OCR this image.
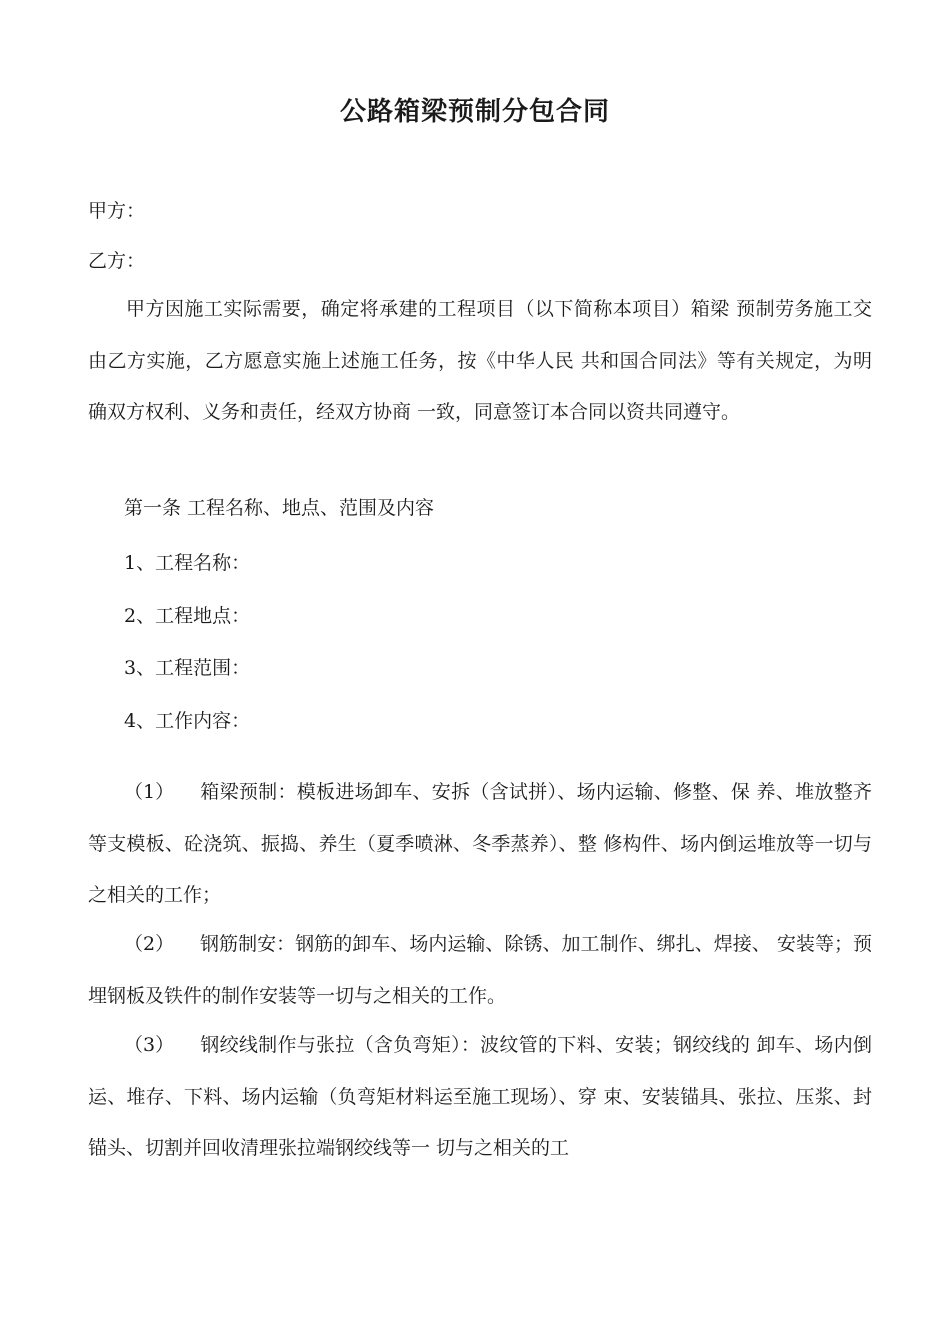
公路箱梁预制分包合同
甲方：
乙方：
甲方因施工实际需要，确定将承建的工程项目（以下简称本项目）箱梁 预制劳务施工交由乙方实施，乙方愿意实施上述施工任务，按《中华人民 共和国合同法》等有关规定，为明确双方权利、义务和责任，经双方协商 一致，同意签订本合同以资共同遵守。
第一条 工程名称、地点、范围及内容
1、工程名称：
2、工程地点：
3、工程范围：
4、工作内容：
（1） 箱梁预制：模板进场卸车、安拆（含试拼）、场内运输、修整、保 养、堆放整齐等支模板、砼浇筑、振捣、养生（夏季喷淋、冬季蒸养）、整 修构件、场内倒运堆放等一切与之相关的工作；
（2） 钢筋制安：钢筋的卸车、场内运输、除锈、加工制作、绑扎、焊接、 安装等；预埋钢板及铁件的制作安装等一切与之相关的工作。
（3） 钢绞线制作与张拉（含负弯矩）：波纹管的下料、安装；钢绞线的 卸车、场内倒运、堆存、下料、场内运输（负弯矩材料运至施工现场）、穿 束、安装锚具、张拉、压浆、封锚头、切割并回收清理张拉端钢绞线等一 切与之相关的工
